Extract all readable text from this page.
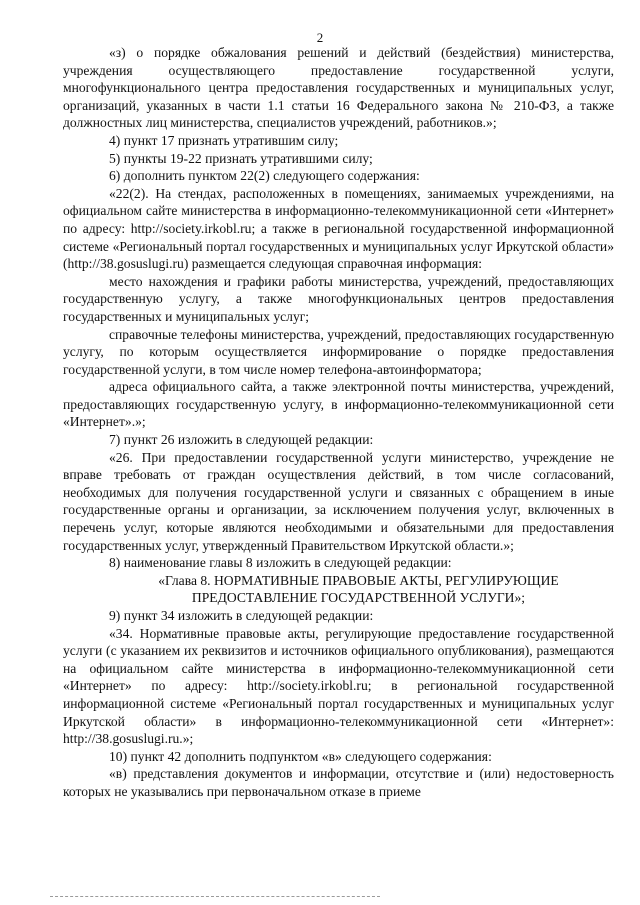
2

«з) о порядке обжалования решений и действий (бездействия) министерства, учреждения осуществляющего предоставление государственной услуги, многофункционального центра предоставления государственных и муниципальных услуг, организаций, указанных в части 1.1 статьи 16 Федерального закона № 210-ФЗ, а также должностных лиц министерства, специалистов учреждений, работников.»;

4) пункт 17 признать утратившим силу;

5) пункты 19-22 признать утратившими силу;

6) дополнить пунктом 22(2) следующего содержания:

«22(2). На стендах, расположенных в помещениях, занимаемых учреждениями, на официальном сайте министерства в информационно-телекоммуникационной сети «Интернет» по адресу: http://society.irkobl.ru; а также в региональной государственной информационной системе «Региональный портал государственных и муниципальных услуг Иркутской области» (http://38.gosuslugi.ru) размещается следующая справочная информация:

место нахождения и графики работы министерства, учреждений, предоставляющих государственную услугу, а также многофункциональных центров предоставления государственных и муниципальных услуг;

справочные телефоны министерства, учреждений, предоставляющих государственную услугу, по которым осуществляется информирование о порядке предоставления государственной услуги, в том числе номер телефона-автоинформатора;

адреса официального сайта, а также электронной почты министерства, учреждений, предоставляющих государственную услугу, в информационно-телекоммуникационной сети «Интернет».»;

7) пункт 26 изложить в следующей редакции:

«26. При предоставлении государственной услуги министерство, учреждение не вправе требовать от граждан осуществления действий, в том числе согласований, необходимых для получения государственной услуги и связанных с обращением в иные государственные органы и организации, за исключением получения услуг, включенных в перечень услуг, которые являются необходимыми и обязательными для предоставления государственных услуг, утвержденный Правительством Иркутской области.»;

8) наименование главы 8 изложить в следующей редакции:

«Глава 8. НОРМАТИВНЫЕ ПРАВОВЫЕ АКТЫ, РЕГУЛИРУЮЩИЕ ПРЕДОСТАВЛЕНИЕ ГОСУДАРСТВЕННОЙ УСЛУГИ»;

9) пункт 34 изложить в следующей редакции:

«34. Нормативные правовые акты, регулирующие предоставление государственной услуги (с указанием их реквизитов и источников официального опубликования), размещаются на официальном сайте министерства в информационно-телекоммуникационной сети «Интернет» по адресу: http://society.irkobl.ru; в региональной государственной информационной системе «Региональный портал государственных и муниципальных услуг Иркутской области» в информационно-телекоммуникационной сети «Интернет»: http://38.gosuslugi.ru.»;

10) пункт 42 дополнить подпунктом «в» следующего содержания:

«в) представления документов и информации, отсутствие и (или) недостоверность которых не указывались при первоначальном отказе в приеме
